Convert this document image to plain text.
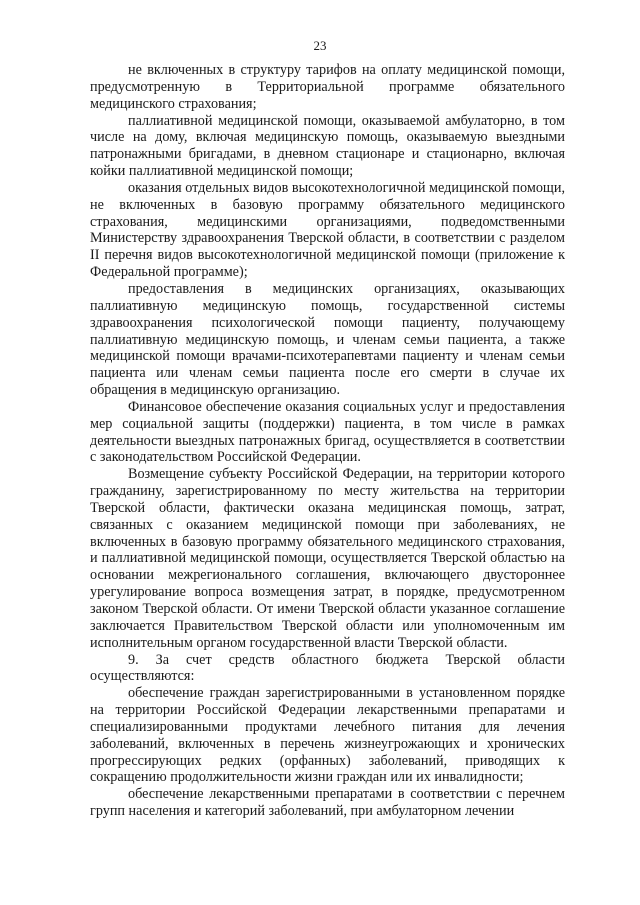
23

не включенных в структуру тарифов на оплату медицинской помощи, предусмотренную в Территориальной программе обязательного медицинского страхования;

паллиативной медицинской помощи, оказываемой амбулаторно, в том числе на дому, включая медицинскую помощь, оказываемую выездными патронажными бригадами, в дневном стационаре и стационарно, включая койки паллиативной медицинской помощи;

оказания отдельных видов высокотехнологичной медицинской помощи, не включенных в базовую программу обязательного медицинского страхования, медицинскими организациями, подведомственными Министерству здравоохранения Тверской области, в соответствии с разделом II перечня видов высокотехнологичной медицинской помощи (приложение к Федеральной программе);

предоставления в медицинских организациях, оказывающих паллиативную медицинскую помощь, государственной системы здравоохранения психологической помощи пациенту, получающему паллиативную медицинскую помощь, и членам семьи пациента, а также медицинской помощи врачами-психотерапевтами пациенту и членам семьи пациента или членам семьи пациента после его смерти в случае их обращения в медицинскую организацию.

Финансовое обеспечение оказания социальных услуг и предоставления мер социальной защиты (поддержки) пациента, в том числе в рамках деятельности выездных патронажных бригад, осуществляется в соответствии с законодательством Российской Федерации.

Возмещение субъекту Российской Федерации, на территории которого гражданину, зарегистрированному по месту жительства на территории Тверской области, фактически оказана медицинская помощь, затрат, связанных с оказанием медицинской помощи при заболеваниях, не включенных в базовую программу обязательного медицинского страхования, и паллиативной медицинской помощи, осуществляется Тверской областью на основании межрегионального соглашения, включающего двустороннее урегулирование вопроса возмещения затрат, в порядке, предусмотренном законом Тверской области. От имени Тверской области указанное соглашение заключается Правительством Тверской области или уполномоченным им исполнительным органом государственной власти Тверской области.

9. За счет средств областного бюджета Тверской области осуществляются:

обеспечение граждан зарегистрированными в установленном порядке на территории Российской Федерации лекарственными препаратами и специализированными продуктами лечебного питания для лечения заболеваний, включенных в перечень жизнеугрожающих и хронических прогрессирующих редких (орфанных) заболеваний, приводящих к сокращению продолжительности жизни граждан или их инвалидности;

обеспечение лекарственными препаратами в соответствии с перечнем групп населения и категорий заболеваний, при амбулаторном лечении
